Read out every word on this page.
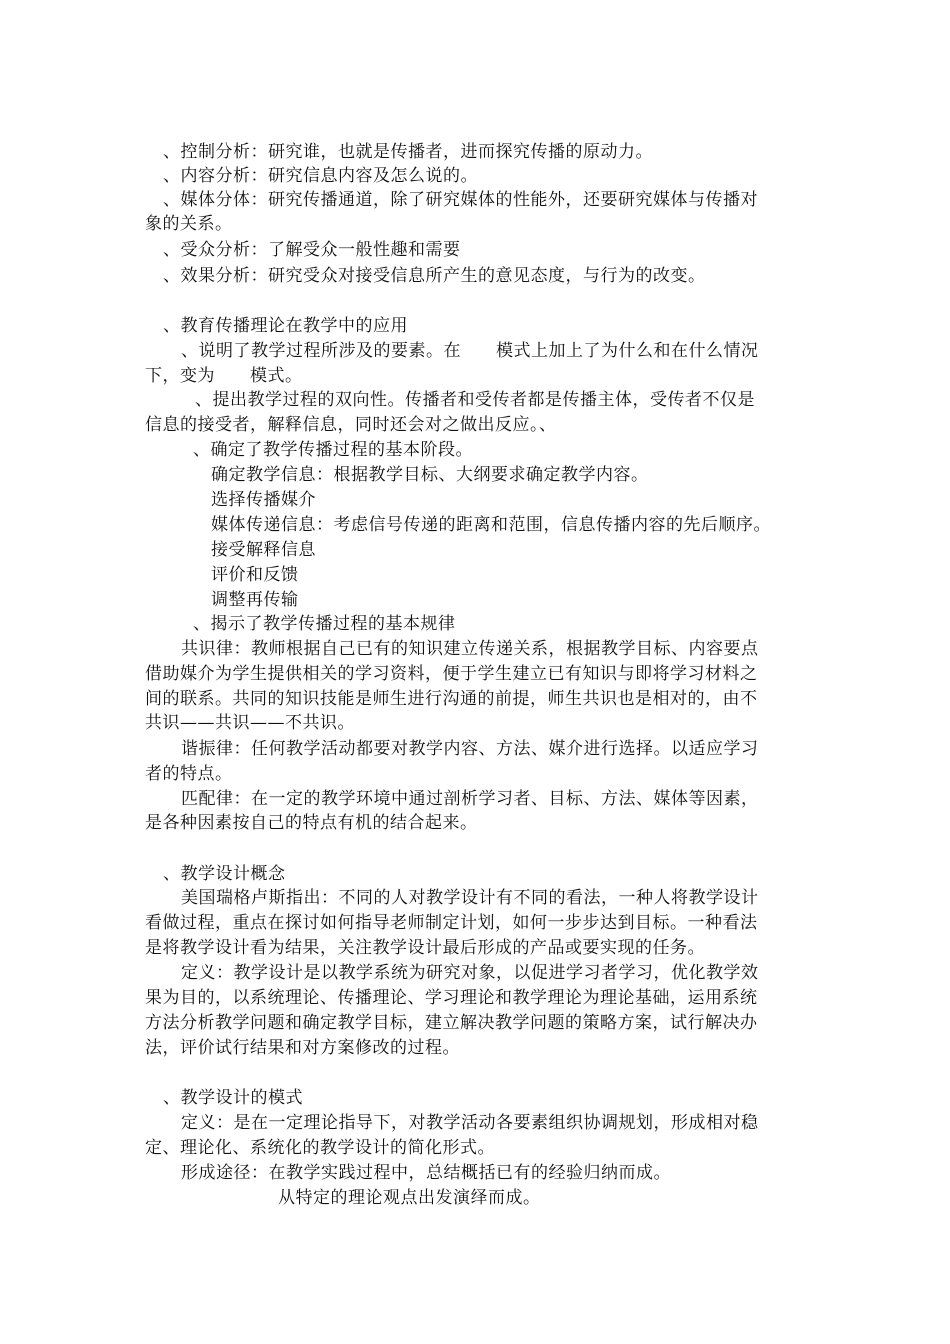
、控制分析：研究谁，也就是传播者，进而探究传播的原动力。
、内容分析：研究信息内容及怎么说的。
、媒体分体：研究传播通道，除了研究媒体的性能外，还要研究媒体与传播对
象的关系。
、受众分析：了解受众一般性趣和需要
、效果分析：研究受众对接受信息所产生的意见态度，与行为的改变。
、教育传播理论在教学中的应用
、说明了教学过程所涉及的要素。在　　模式上加上了为什么和在什么情况
下，变为　　模式。
、提出教学过程的双向性。传播者和受传者都是传播主体，受传者不仅是
信息的接受者，解释信息，同时还会对之做出反应。、
、确定了教学传播过程的基本阶段。
确定教学信息：根据教学目标、大纲要求确定教学内容。
选择传播媒介
媒体传递信息：考虑信号传递的距离和范围，信息传播内容的先后顺序。
接受解释信息
评价和反馈
调整再传输
、揭示了教学传播过程的基本规律
共识律：教师根据自己已有的知识建立传递关系，根据教学目标、内容要点
借助媒介为学生提供相关的学习资料，便于学生建立已有知识与即将学习材料之
间的联系。共同的知识技能是师生进行沟通的前提，师生共识也是相对的，由不
共识——共识——不共识。
谐振律：任何教学活动都要对教学内容、方法、媒介进行选择。以适应学习
者的特点。
匹配律：在一定的教学环境中通过剖析学习者、目标、方法、媒体等因素，
是各种因素按自己的特点有机的结合起来。
、教学设计概念
美国瑞格卢斯指出：不同的人对教学设计有不同的看法，一种人将教学设计
看做过程，重点在探讨如何指导老师制定计划，如何一步步达到目标。一种看法
是将教学设计看为结果，关注教学设计最后形成的产品或要实现的任务。
定义：教学设计是以教学系统为研究对象，以促进学习者学习，优化教学效
果为目的，以系统理论、传播理论、学习理论和教学理论为理论基础，运用系统
方法分析教学问题和确定教学目标，建立解决教学问题的策略方案，试行解决办
法，评价试行结果和对方案修改的过程。
、教学设计的模式
定义：是在一定理论指导下，对教学活动各要素组织协调规划，形成相对稳
定、理论化、系统化的教学设计的简化形式。
形成途径：在教学实践过程中，总结概括已有的经验归纳而成。
从特定的理论观点出发演绎而成。
